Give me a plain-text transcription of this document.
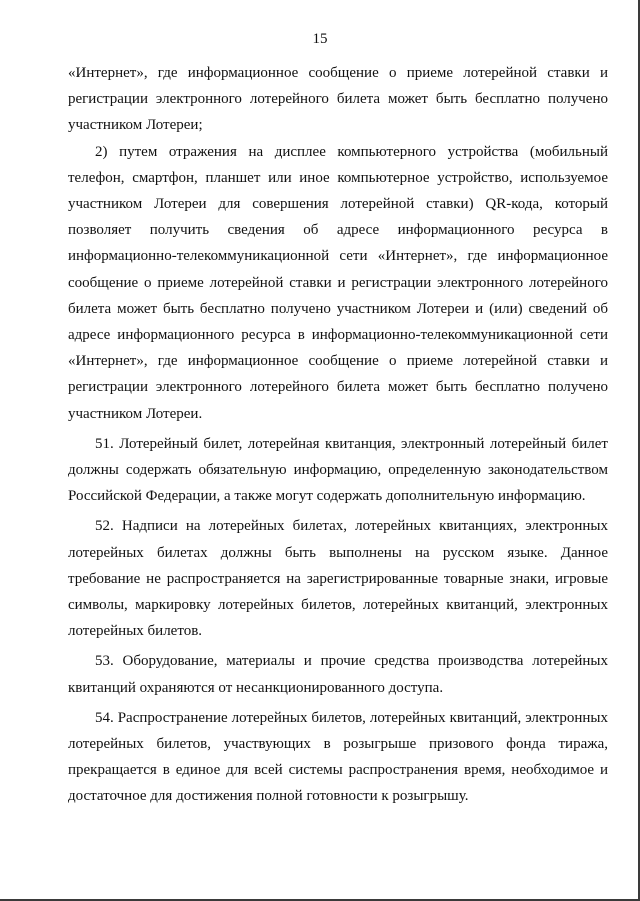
15

«Интернет», где информационное сообщение о приеме лотерейной ставки и регистрации электронного лотерейного билета может быть бесплатно получено участником Лотереи;

2) путем отражения на дисплее компьютерного устройства (мобильный телефон, смартфон, планшет или иное компьютерное устройство, используемое участником Лотереи для совершения лотерейной ставки) QR-кода, который позволяет получить сведения об адресе информационного ресурса в информационно-телекоммуникационной сети «Интернет», где информационное сообщение о приеме лотерейной ставки и регистрации электронного лотерейного билета может быть бесплатно получено участником Лотереи и (или) сведений об адресе информационного ресурса в информационно-телекоммуникационной сети «Интернет», где информационное сообщение о приеме лотерейной ставки и регистрации электронного лотерейного билета может быть бесплатно получено участником Лотереи.

51. Лотерейный билет, лотерейная квитанция, электронный лотерейный билет должны содержать обязательную информацию, определенную законодательством Российской Федерации, а также могут содержать дополнительную информацию.

52. Надписи на лотерейных билетах, лотерейных квитанциях, электронных лотерейных билетах должны быть выполнены на русском языке. Данное требование не распространяется на зарегистрированные товарные знаки, игровые символы, маркировку лотерейных билетов, лотерейных квитанций, электронных лотерейных билетов.

53. Оборудование, материалы и прочие средства производства лотерейных квитанций охраняются от несанкционированного доступа.

54. Распространение лотерейных билетов, лотерейных квитанций, электронных лотерейных билетов, участвующих в розыгрыше призового фонда тиража, прекращается в единое для всей системы распространения время, необходимое и достаточное для достижения полной готовности к розыгрышу.
